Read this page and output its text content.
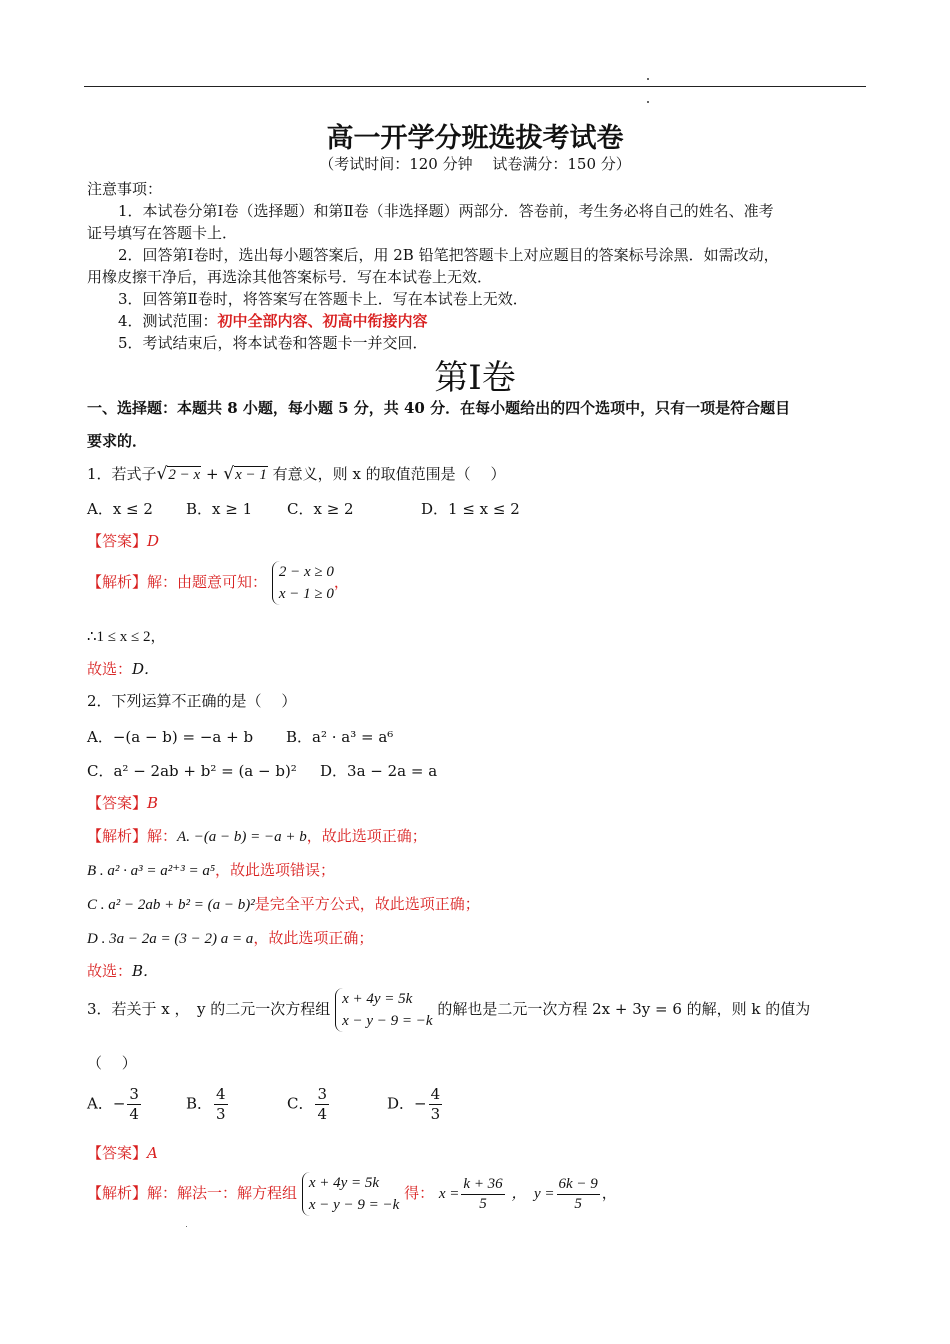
高一开学分班选拔考试卷
（考试时间：120 分钟　 试卷满分：150 分）
注意事项：
1．本试卷分第Ⅰ卷（选择题）和第Ⅱ卷（非选择题）两部分．答卷前，考生务必将自己的姓名、准考
证号填写在答题卡上．
2．回答第Ⅰ卷时，选出每小题答案后，用 2B 铅笔把答题卡上对应题目的答案标号涂黑．如需改动，
用橡皮擦干净后，再选涂其他答案标号．写在本试卷上无效．
3．回答第Ⅱ卷时，将答案写在答题卡上．写在本试卷上无效．
4．测试范围：初中全部内容、初高中衔接内容
5．考试结束后，将本试卷和答题卡一并交回．
第Ⅰ卷
一、选择题：本题共 8 小题，每小题 5 分，共 40 分．在每小题给出的四个选项中，只有一项是符合题目
要求的．
1．若式子√2 − x + √x − 1 有意义，则 x 的取值范围是（　 ）
A．x ≤ 2 B．x ≥ 1 C．x ≥ 2	D．1 ≤ x ≤ 2
【答案】D
【解析】解：由题意可知：
2 − x ≥ 0
x − 1 ≥ 0
，
∴1 ≤ x ≤ 2，
故选：D．
2．下列运算不正确的是（　 ）
A．−(a − b) = −a + b B．a² · a³ = a⁶
C．a² − 2ab + b² = (a − b)² D．3a − 2a = a
【答案】B
【解析】解：A. −(a − b) = −a + b，故此选项正确；
B . a² · a³ = a²⁺³ = a⁵，故此选项错误；
C . a² − 2ab + b² = (a − b)²是完全平方公式，故此选项正确；
D . 3a − 2a = (3 − 2) a = a，故此选项正确；
故选：B．
3．若关于 x ，　y 的二元一次方程组
x + 4y = 5k
x − y − 9 = −k
的解也是二元一次方程 2x + 3y = 6 的解，则 k 的值为
（　 ）
A．− $\frac{3}{4}$	B． $\frac{4}{3}$	C． $\frac{3}{4}$	D．− $\frac{4}{3}$
【答案】A
【解析】解：解法一：解方程组
x + 4y = 5k
x − y − 9 = −k
得： $x = \frac{k + 36}{5}$ ，　$y = \frac{6k - 9}{5}$ ，
